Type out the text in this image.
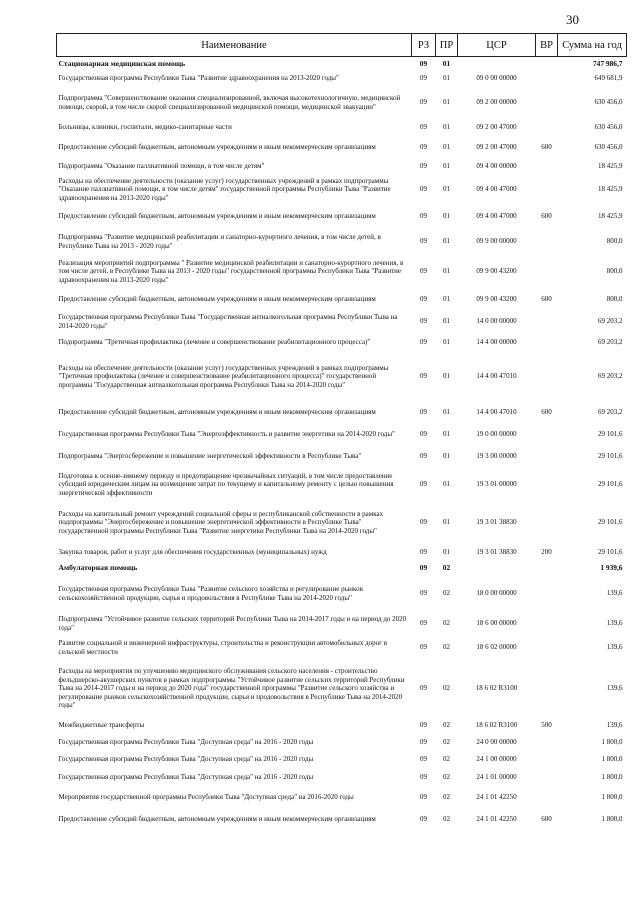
30
Наименование	РЗ	ПР	ЦСР	ВР	Сумма на год
Стационарная медицинская помощь	09	01			747 986,7
Государственная программа Республики Тыва "Развитие здравоохранения на 2013-2020 годы"	09	01	09 0 00 00000		649 681,9
Подпрограмма "Совершенствование оказания специализированной, включая высокотехнологичную, медицинской помощи, скорой, в том числе скорой специализированной медицинской помощи, медицинской эвакуации"	09	01	09 2 00 00000		630 456,0
Больницы, клиники, госпитали, медико-санитарные части	09	01	09 2 00 47000		630 456,0
Предоставление субсидий бюджетным, автономным учреждениям и иным некоммерческим организациям	09	01	09 2 00 47000	600	630 456,0
Подпрограмма "Оказание паллиативной помощи, в том числе детям"	09	01	09 4 00 00000		18 425,9
Расходы на обеспечение деятельности (оказание услуг) государственных учреждений в рамках подпрограммы "Оказание паллиативной помощи, в том числе детям" государственной программы Республики Тыва "Развитие здравоохранения на 2013-2020 годы"	09	01	09 4 00 47000		18 425,9
Предоставление субсидий бюджетным, автономным учреждениям и иным некоммерческим организациям	09	01	09 4 00 47000	600	18 425,9
Подпрограмма "Развитие медицинской реабилитации и санаторно-курортного лечения, в том числе детей, в Республике Тыва на 2013 - 2020 годы"	09	01	09 9 00 00000		800,0
Реализация мероприятий подпрограммы " Развитие медицинской реабилитации и санаторно-курортного лечения, в том числе детей, в Республике Тыва на 2013 - 2020 годы" государственной программы Республики Тыва "Развитие здравоохранения на 2013-2020 годы"	09	01	09 9 00 43200		800,0
Предоставление субсидий бюджетным, автономным учреждениям и иным некоммерческим организациям	09	01	09 9 00 43200	600	800,0
Государственная программа Республики Тыва "Государственная антиалкогольная программа Республики Тыва на 2014-2020 годы"	09	01	14 0 00 00000		69 203,2
Подпрограмма "Третичная профилактика (лечение и совершенствование реабилитационного процесса)"	09	01	14 4 00 00000		69 203,2
Расходы на обеспечение деятельности (оказание услуг) государственных учреждений в рамках подпрограммы "Третичная профилактика (лечение и совершенствование реабилитационного процесса)" государственной программы "Государственная антиалкогольная программа Республики Тыва на 2014-2020 годы"	09	01	14 4 00 47010		69 203,2
Предоставление субсидий бюджетным, автономным учреждениям и иным некоммерческим организациям	09	01	14 4 00 47010	600	69 203,2
Государственная программа Республики Тыва "Энергоэффективность и развитие энергетики на 2014-2020 годы"	09	01	19 0 00 00000		29 101,6
Подпрограмма "Энергосбережение и повышение энергетической эффективности в Республике Тыва"	09	01	19 3 00 00000		29 101,6
Подготовка к осенне-зимнему периоду и предотвращение чрезвычайных ситуаций, в том числе предоставление субсидий юридическим лицам на возмещение затрат по текущему и капитальному ремонту с целью повышения энергетической эффективности	09	01	19 3 01 00000		29 101,6
Расходы на капитальный ремонт учреждений социальной сферы и республиканской собственности в рамках подпрограммы "Энергосбережение и повышение энергетической эффективности в Республике Тыва" государственной программы Республики Тыва "Развитие энергетики Республики Тыва на 2014-2020 годы"	09	01	19 3 01 38830		29 101,6
Закупка товаров, работ и услуг для обеспечения государственных (муниципальных) нужд	09	01	19 3 01 38830	200	29 101,6
Амбулаторная помощь	09	02			1 939,6
Государственная программа Республики Тыва "Развитие сельского хозяйства и регулирование рынков сельскохозяйственной продукции, сырья и продовольствия в Республике Тыва на 2014-2020 годы"	09	02	18 0 00 00000		139,6
Подпрограмма "Устойчивое развитие сельских территорий Республики Тыва на 2014-2017 годы и на период до 2020 года"	09	02	18 6 00 00000		139,6
Развитие социальной и инженерной инфраструктуры, строительства и реконструкции автомобильных дорог в сельской местности	09	02	18 6 02 00000		139,6
Расходы на мероприятия по улучшению медицинского обслуживания сельского населения - строительство фельдшерско-акушерских пунктов в рамках подпрограммы "Устойчивое развитие сельских территорий Республики Тыва на 2014-2017 годы и на период до 2020 года" государственной программы "Развитие сельского хозяйства и регулирование рынков сельскохозяйственной продукции, сырья и продовольствия в Республике Тыва на 2014-2020 годы"	09	02	18 6 02 R3100		139,6
Межбюджетные трансферты	09	02	18 6 02 R3100	500	139,6
Государственная программа Республики Тыва "Доступная среда" на 2016 - 2020 годы	09	02	24 0 00 00000		1 800,0
Государственная программа Республики Тыва "Доступная среда" на 2016 - 2020 годы	09	02	24 1 00 00000		1 800,0
Государственная программа Республики Тыва "Доступная среда" на 2016 - 2020 годы	09	02	24 1 01 00000		1 800,0
Мероприятия государственной программы Республики Тыва "Доступная среда" на 2016-2020 годы	09	02	24 1 01 42250		1 800,0
Предоставление субсидий бюджетным, автономным учреждениям и иным некоммерческим организациям	09	02	24 1 01 42250	600	1 800,0
